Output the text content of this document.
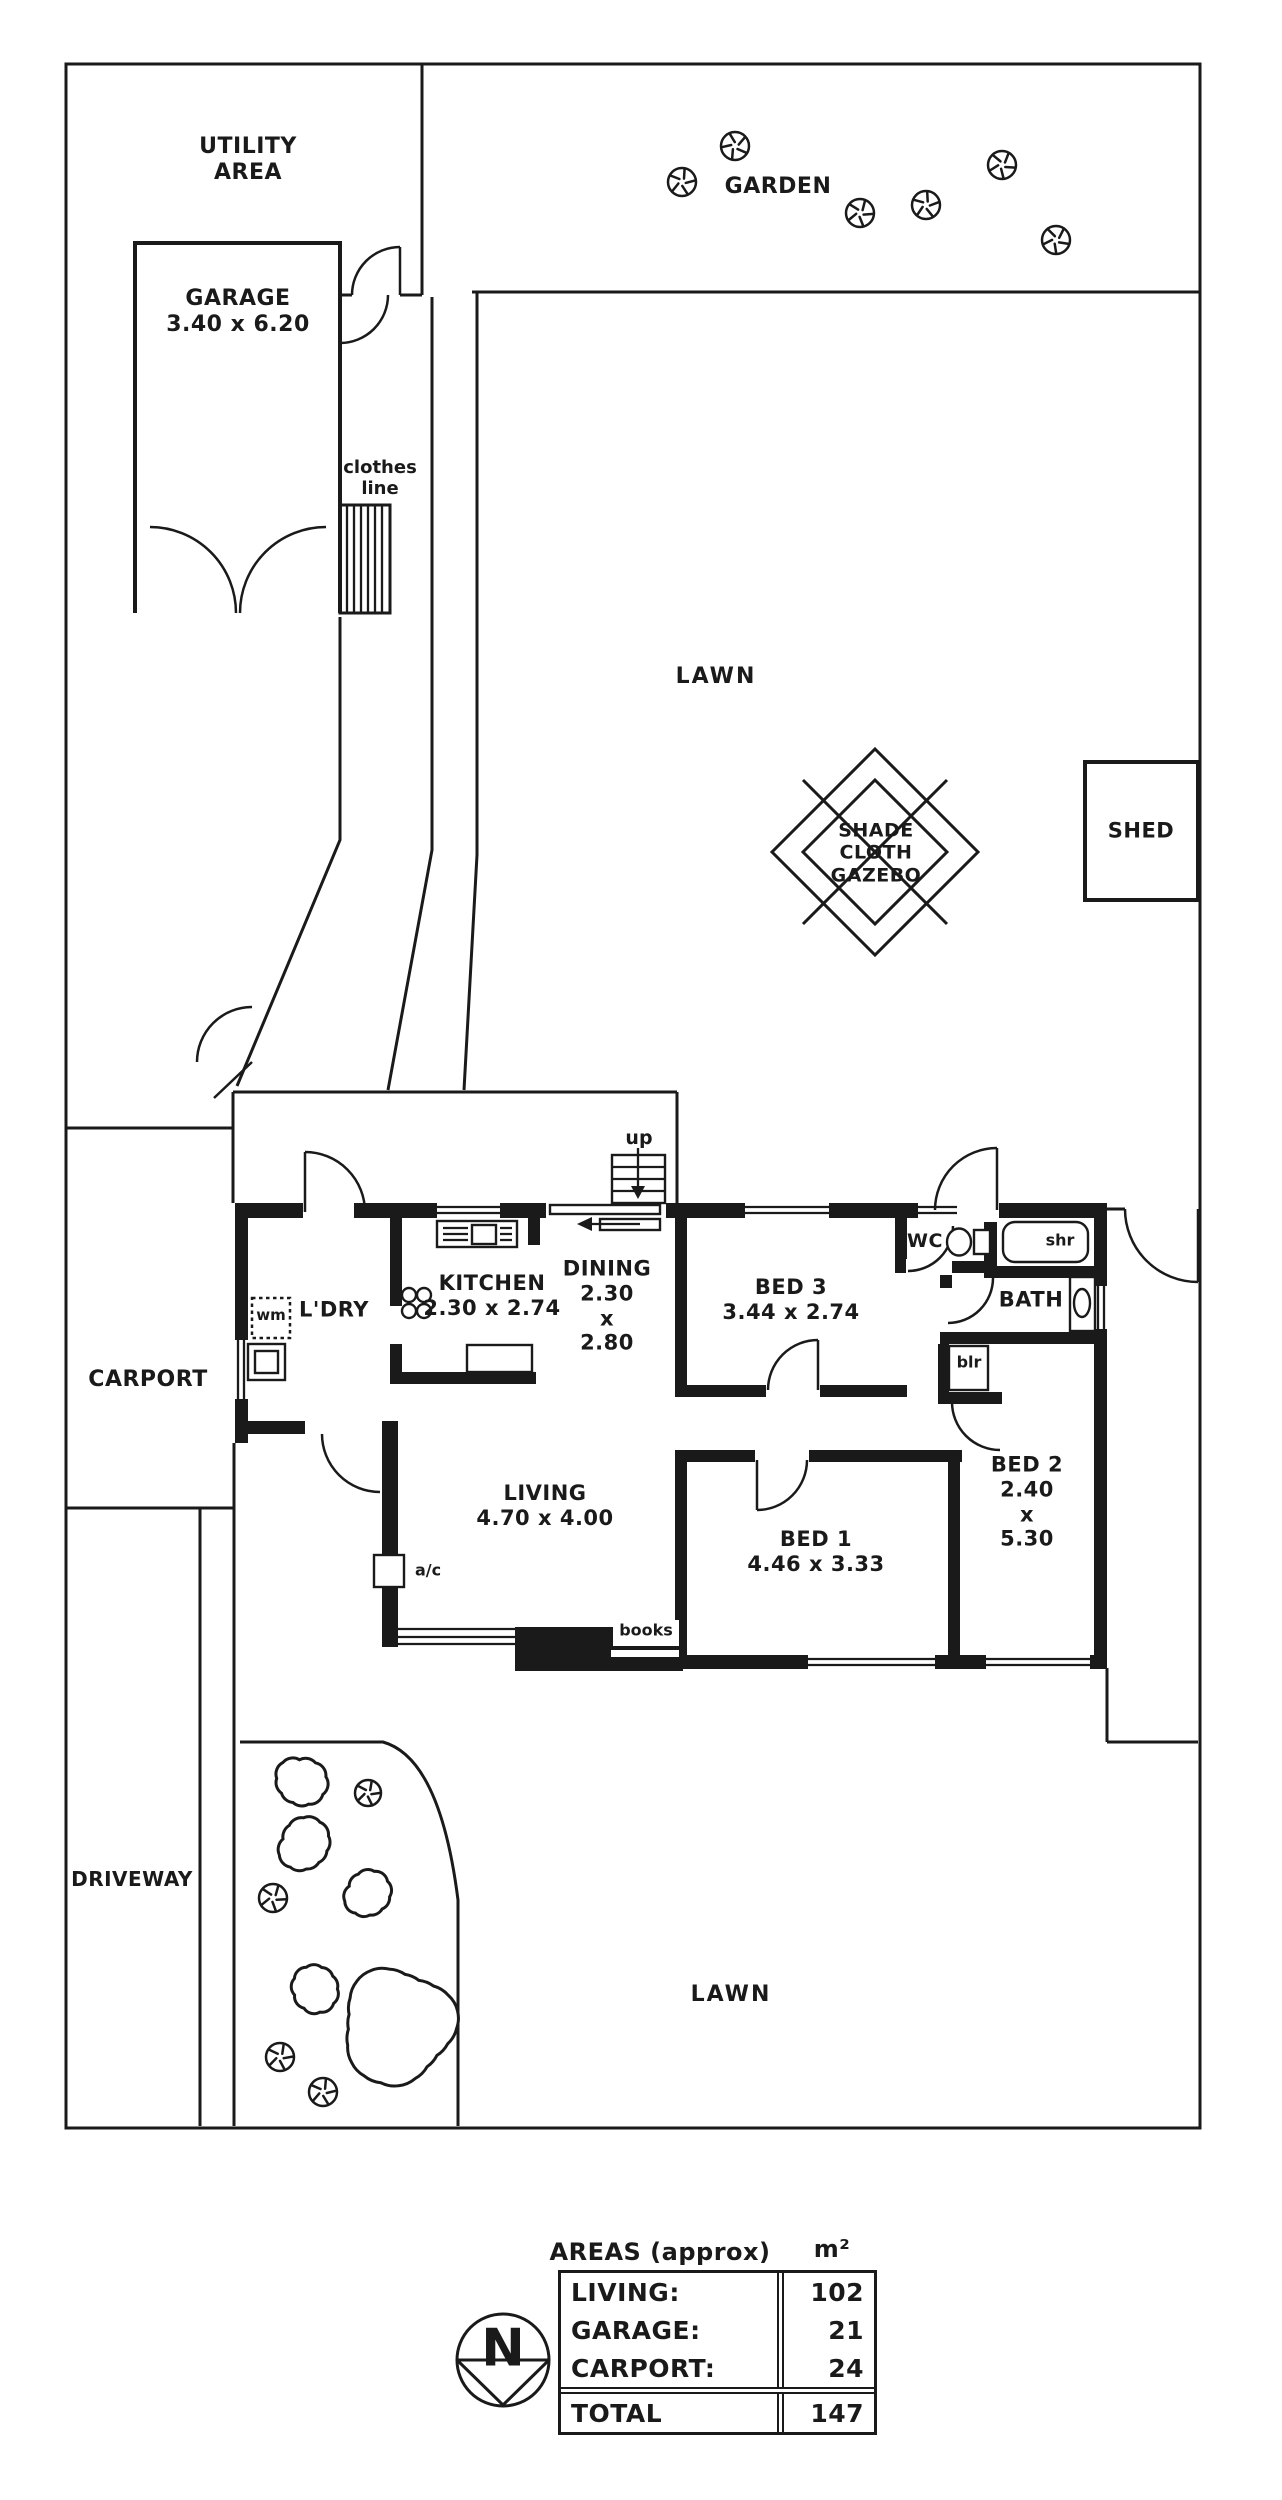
UTILITY AREA
GARDEN
GARAGE
3.40 x 6.20
clothes line
LAWN
SHADE CLOTH GAZEBO
SHED
up
L'DRY
wm
KITCHEN
2.30 x 2.74
DINING
2.30 x 2.80
BED 3
3.44 x 2.74
WC	shr
BATH
blr
BED 2
2.40 x 5.30
BED 1
4.46 x 3.33
LIVING
4.70 x 4.00
a/c
books
CARPORT
DRIVEWAY
LAWN
N
AREAS (approx) m²
LIVING:	102
GARAGE:	21
CARPORT:	24
TOTAL	147
